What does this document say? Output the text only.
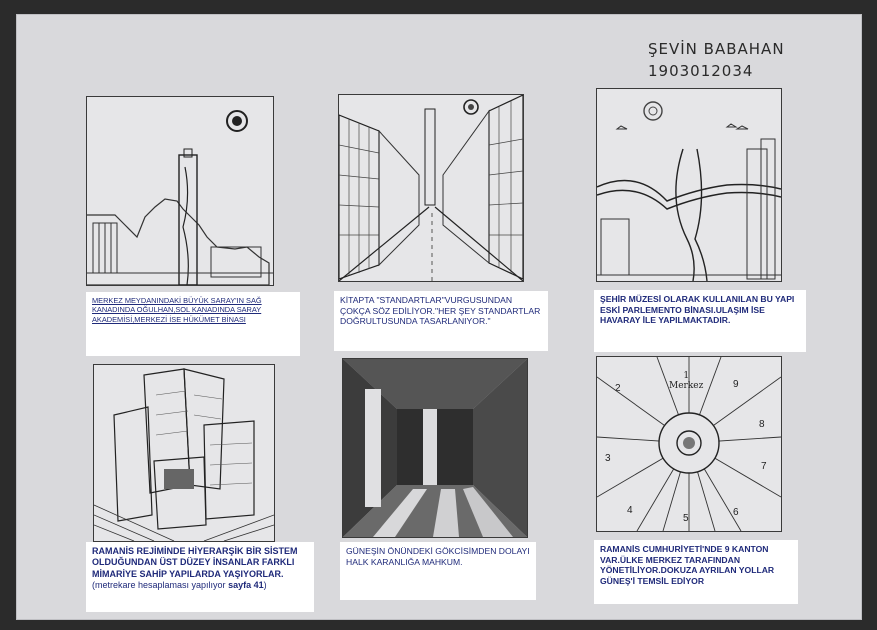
ŞEVİN BABAHAN
1903012034
MERKEZ MEYDANINDAKİ BÜYÜK SARAY'IN SAĞ KANADINDA OĞULHAN,SOL KANADINDA SARAY AKADEMİSİ,MERKEZİ İSE HÜKÜMET BİNASI
KİTAPTA "STANDARTLAR"VURGUSUNDAN ÇOKÇA SÖZ EDİLİYOR."HER ŞEY STANDARTLAR DOĞRULTUSUNDA TASARLANIYOR."
ŞEHİR MÜZESİ OLARAK KULLANILAN BU YAPI ESKİ PARLEMENTO BİNASI.ULAŞIM İSE HAVARAY İLE YAPILMAKTADIR.
RAMANİS REJİMİNDE HİYERARŞİK BİR SİSTEM OLDUĞUNDAN ÜST DÜZEY İNSANLAR FARKLI MİMARİYE SAHİP YAPILARDA YAŞIYORLAR.(metrekare hesaplaması yapılıyor sayfa 41)
GÜNEŞİN ÖNÜNDEKİ GÖKCİSİMDEN DOLAYI HALK KARANLIĞA MAHKUM.
1
Merkez
2
3
4
5
6
7
8
9
RAMANİS CUMHURİYETİ'NDE 9 KANTON VAR.ÜLKE MERKEZ TARAFINDAN YÖNETİLİYOR.DOKUZA AYRILAN YOLLAR GÜNEŞ'İ TEMSİL EDİYOR
